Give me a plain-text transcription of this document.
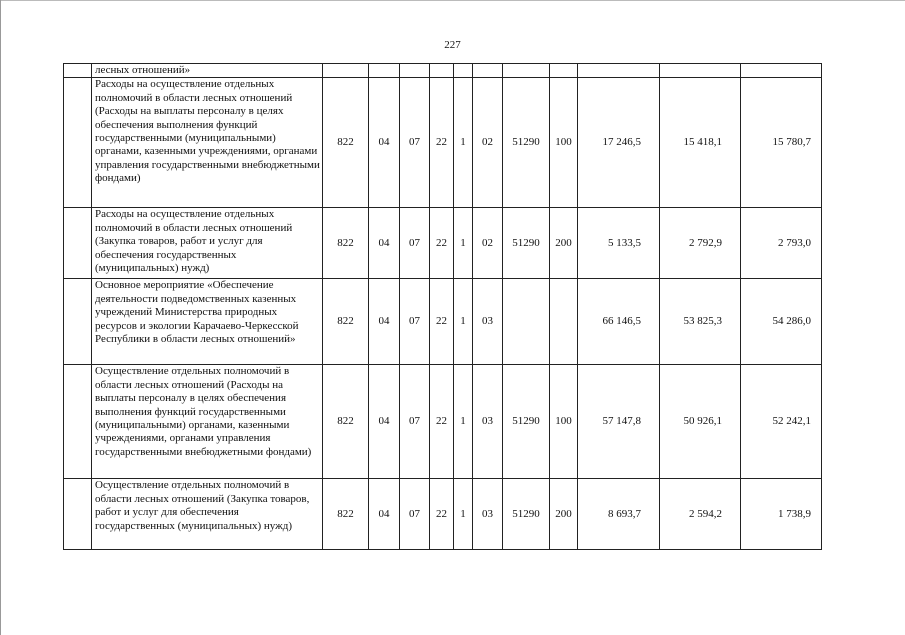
227
	лесных отношений»											
	Расходы на осуществление отдельных полномочий в области лесных отношений (Расходы на выплаты персоналу в целях обеспечения выполнения функций государственными (муниципальными) органами, казенными учреждениями, органами управления государственными внебюджетными фондами)	822	04	07	22	1	02	51290	100	17 246,5	15 418,1	15 780,7
	Расходы на осуществление отдельных полномочий в области лесных отношений (Закупка товаров, работ и услуг для обеспечения государственных (муниципальных) нужд)	822	04	07	22	1	02	51290	200	5 133,5	2 792,9	2 793,0
	Основное мероприятие «Обеспечение деятельности подведомственных казенных учреждений Министерства природных ресурсов и экологии Карачаево-Черкесской Республики в области лесных отношений»	822	04	07	22	1	03			66 146,5	53 825,3	54 286,0
	Осуществление отдельных полномочий в области лесных отношений (Расходы на выплаты персоналу в целях обеспечения выполнения функций государственными (муниципальными) органами, казенными учреждениями, органами управления государственными внебюджетными фондами)	822	04	07	22	1	03	51290	100	57 147,8	50 926,1	52 242,1
	Осуществление отдельных полномочий в области лесных отношений (Закупка товаров, работ и услуг для обеспечения государственных (муниципальных) нужд)	822	04	07	22	1	03	51290	200	8 693,7	2 594,2	1 738,9
